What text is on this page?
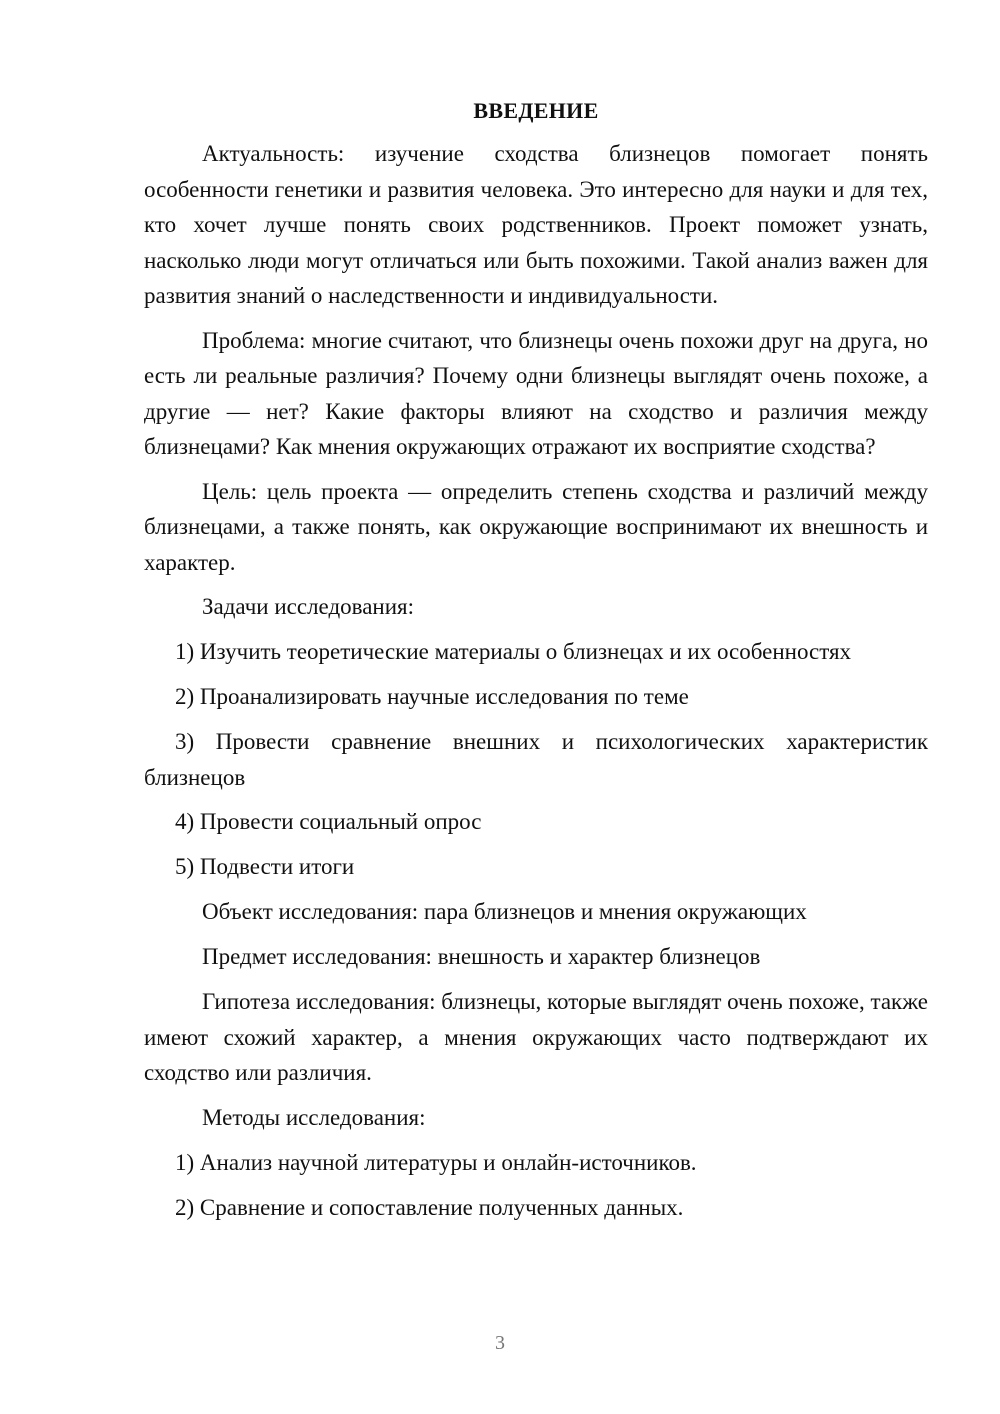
ВВЕДЕНИЕ

Актуальность: изучение сходства близнецов помогает понять особенности генетики и развития человека. Это интересно для науки и для тех, кто хочет лучше понять своих родственников. Проект поможет узнать, насколько люди могут отличаться или быть похожими. Такой анализ важен для развития знаний о наследственности и индивидуальности.

Проблема: многие считают, что близнецы очень похожи друг на друга, но есть ли реальные различия? Почему одни близнецы выглядят очень похоже, а другие — нет? Какие факторы влияют на сходство и различия между близнецами? Как мнения окружающих отражают их восприятие сходства?

Цель: цель проекта — определить степень сходства и различий между близнецами, а также понять, как окружающие воспринимают их внешность и характер.

Задачи исследования:

1) Изучить теоретические материалы о близнецах и их особенностях

2) Проанализировать научные исследования по теме

3) Провести сравнение внешних и психологических характеристик близнецов

4) Провести социальный опрос

5) Подвести итоги

Объект исследования: пара близнецов и мнения окружающих

Предмет исследования: внешность и характер близнецов

Гипотеза исследования: близнецы, которые выглядят очень похоже, также имеют схожий характер, а мнения окружающих часто подтверждают их сходство или различия.

Методы исследования:

1) Анализ научной литературы и онлайн-источников.

2) Сравнение и сопоставление полученных данных.

3
